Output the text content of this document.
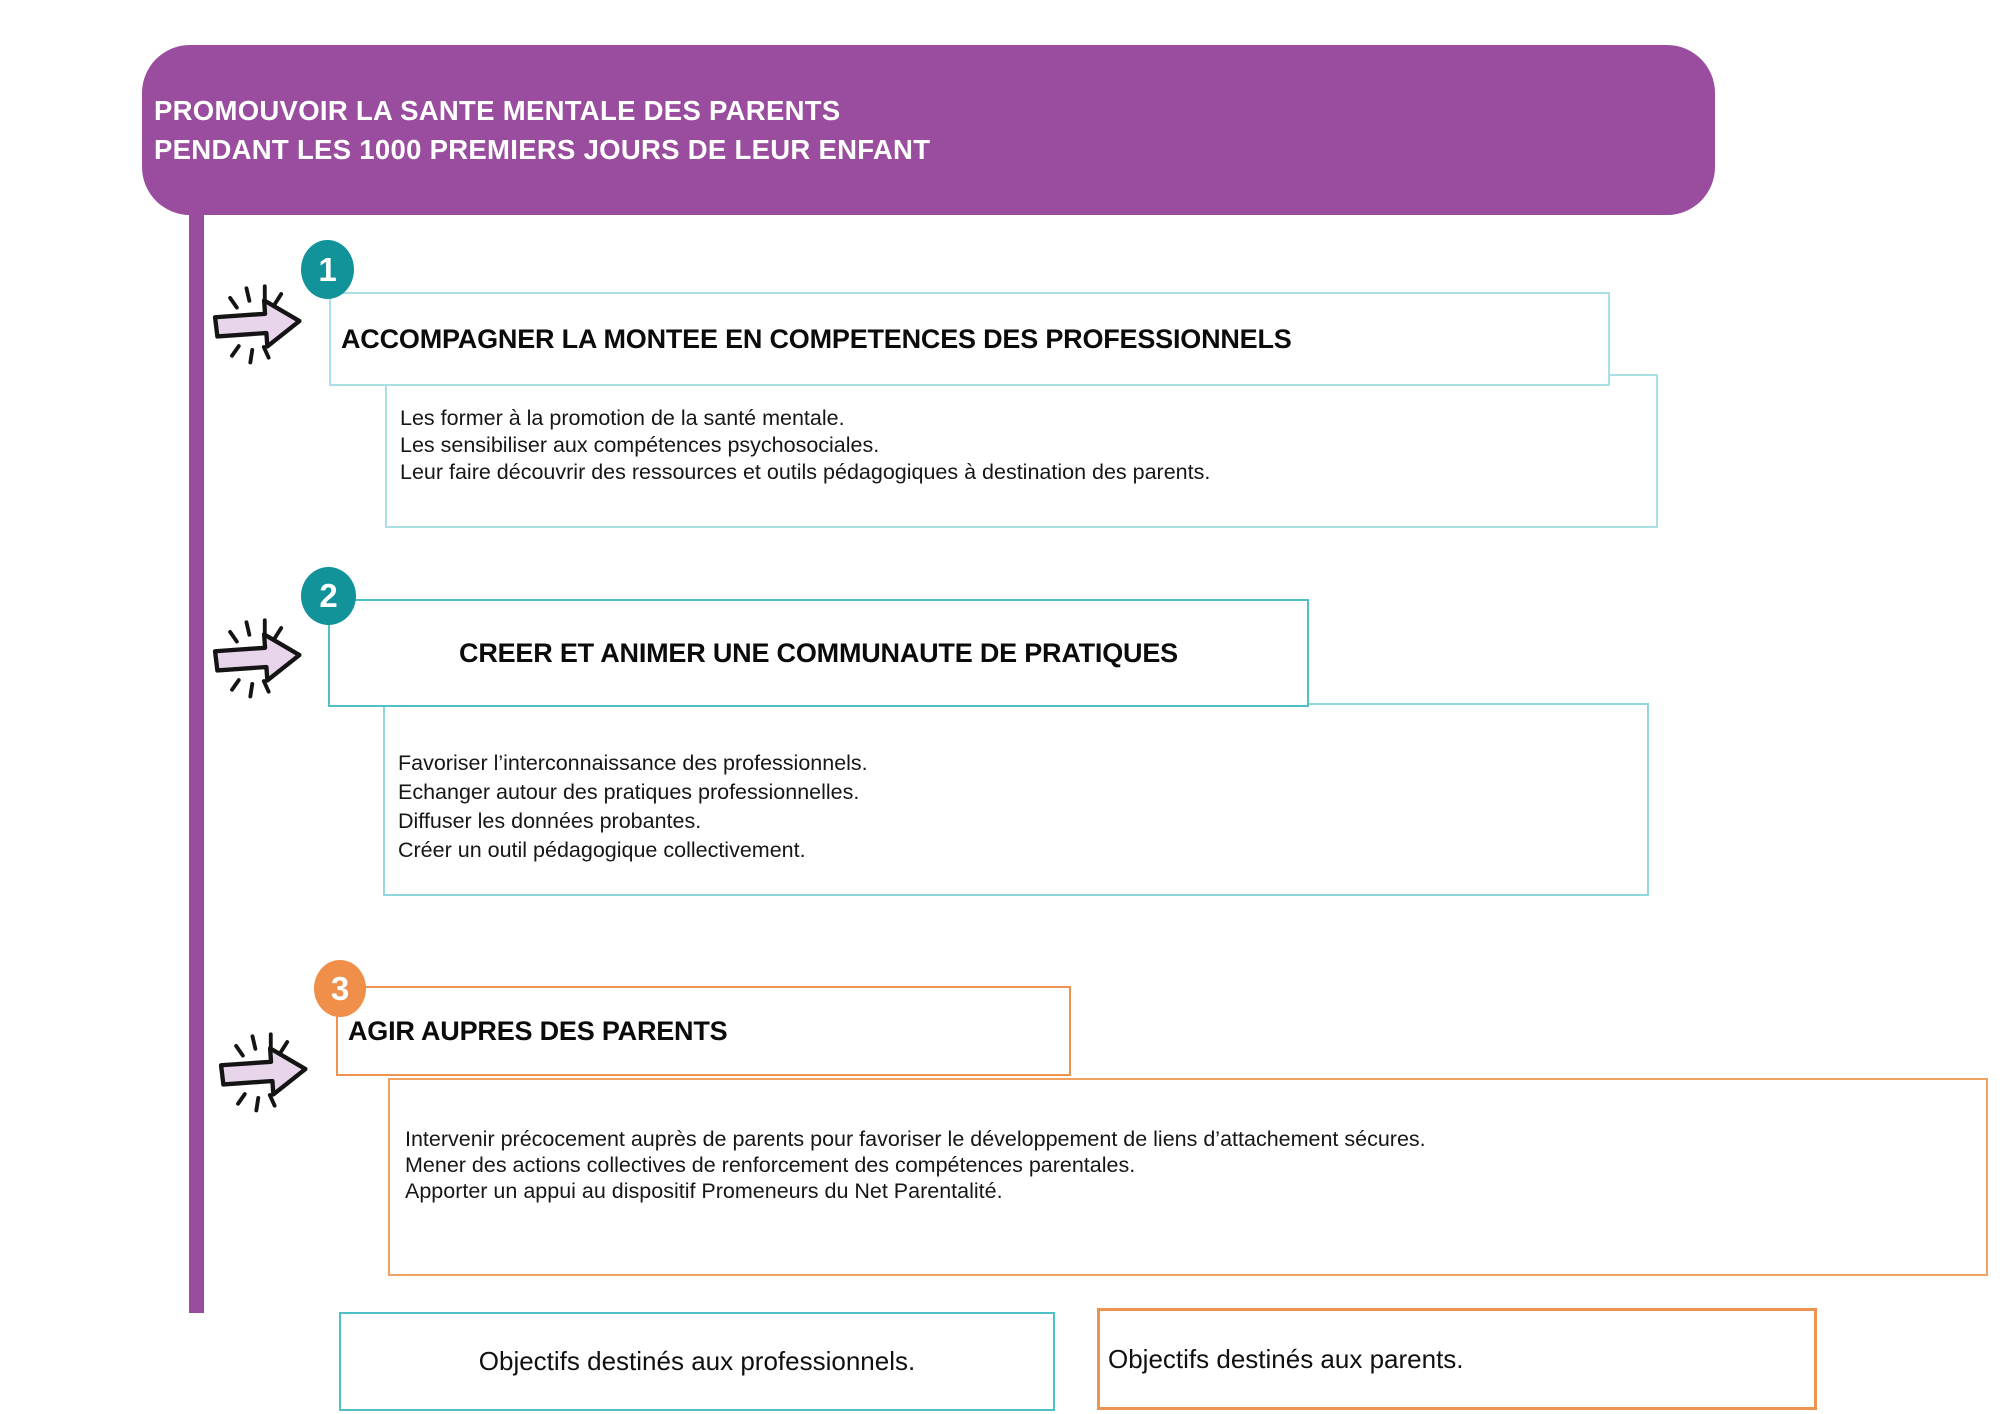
PROMOUVOIR LA SANTE MENTALE DES PARENTS
PENDANT LES 1000 PREMIERS JOURS DE LEUR ENFANT
1
ACCOMPAGNER LA MONTEE EN COMPETENCES DES PROFESSIONNELS
Les former à la promotion de la santé mentale.
Les sensibiliser aux compétences psychosociales.
Leur faire découvrir des ressources et outils pédagogiques à destination des parents.
2
CREER ET ANIMER UNE COMMUNAUTE DE PRATIQUES
Favoriser l’interconnaissance des professionnels.
Echanger autour des pratiques professionnelles.
Diffuser les données probantes.
Créer un outil pédagogique collectivement.
3
AGIR AUPRES DES PARENTS
Intervenir précocement auprès de parents pour favoriser le développement de liens d’attachement sécures.
Mener des actions collectives de renforcement des compétences parentales.
Apporter un appui au dispositif Promeneurs du Net Parentalité.
Objectifs destinés aux professionnels.	Objectifs destinés aux parents.
